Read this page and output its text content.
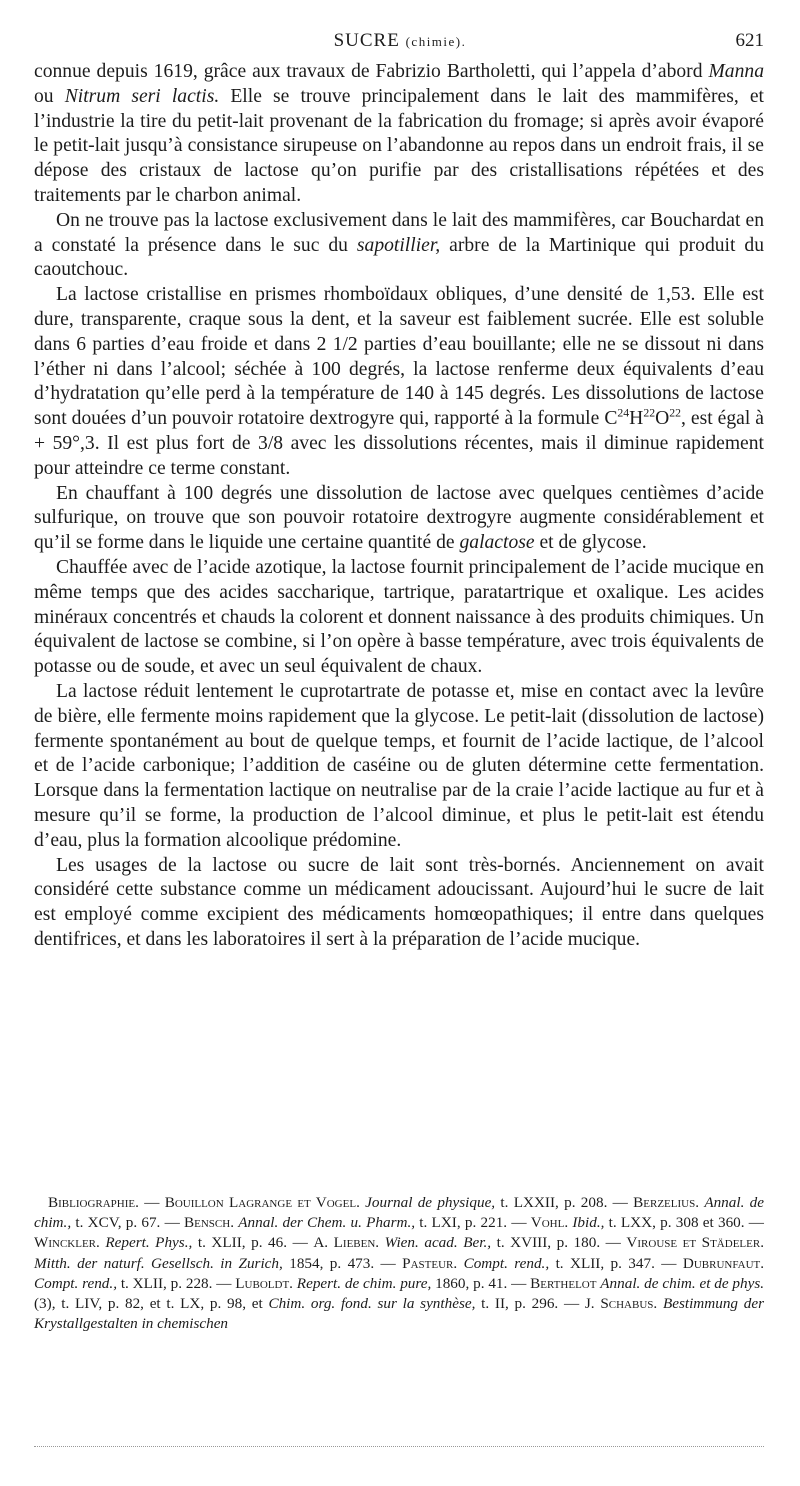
SUCRE (chimie).	621

connue depuis 1619, grâce aux travaux de Fabrizio Bartholetti, qui l’appela d’abord Manna ou Nitrum seri lactis. Elle se trouve principalement dans le lait des mammifères, et l’industrie la tire du petit-lait provenant de la fabrication du fromage; si après avoir évaporé le petit-lait jusqu’à consistance sirupeuse on l’abandonne au repos dans un endroit frais, il se dépose des cristaux de lactose qu’on purifie par des cristallisations répétées et des traitements par le charbon animal.

On ne trouve pas la lactose exclusivement dans le lait des mammifères, car Bouchardat en a constaté la présence dans le suc du sapotillier, arbre de la Martinique qui produit du caoutchouc.

La lactose cristallise en prismes rhomboïdaux obliques, d’une densité de 1,53. Elle est dure, transparente, craque sous la dent, et la saveur est faiblement sucrée. Elle est soluble dans 6 parties d’eau froide et dans 2 1/2 parties d’eau bouillante; elle ne se dissout ni dans l’éther ni dans l’alcool; séchée à 100 degrés, la lactose renferme deux équivalents d’eau d’hydratation qu’elle perd à la température de 140 à 145 degrés. Les dissolutions de lactose sont douées d’un pouvoir rotatoire dextrogyre qui, rapporté à la formule $C^{24}H^{22}O^{22}$, est égal à + 59°,3. Il est plus fort de 3/8 avec les dissolutions récentes, mais il diminue rapidement pour atteindre ce terme constant.

En chauffant à 100 degrés une dissolution de lactose avec quelques centièmes d’acide sulfurique, on trouve que son pouvoir rotatoire dextrogyre augmente considérablement et qu’il se forme dans le liquide une certaine quantité de galactose et de glycose.

Chauffée avec de l’acide azotique, la lactose fournit principalement de l’acide mucique en même temps que des acides saccharique, tartrique, paratartrique et oxalique. Les acides minéraux concentrés et chauds la colorent et donnent naissance à des produits chimiques. Un équivalent de lactose se combine, si l’on opère à basse température, avec trois équivalents de potasse ou de soude, et avec un seul équivalent de chaux.

La lactose réduit lentement le cuprotartrate de potasse et, mise en contact avec la levûre de bière, elle fermente moins rapidement que la glycose. Le petit-lait (dissolution de lactose) fermente spontanément au bout de quelque temps, et fournit de l’acide lactique, de l’alcool et de l’acide carbonique; l’addition de caséine ou de gluten détermine cette fermentation. Lorsque dans la fermentation lactique on neutralise par de la craie l’acide lactique au fur et à mesure qu’il se forme, la production de l’alcool diminue, et plus le petit-lait est étendu d’eau, plus la formation alcoolique prédomine.

Les usages de la lactose ou sucre de lait sont très-bornés. Anciennement on avait considéré cette substance comme un médicament adoucissant. Aujourd’hui le sucre de lait est employé comme excipient des médicaments homœopathiques; il entre dans quelques dentifrices, et dans les laboratoires il sert à la préparation de l’acide mucique.

Bibliographie. — Bouillon Lagrange et Vogel. Journal de physique, t. LXXII, p. 208. — Berzelius. Annal. de chim., t. XCV, p. 67. — Bensch. Annal. der Chem. u. Pharm., t. LXI, p. 221. — Vohl. Ibid., t. LXX, p. 308 et 360. — Winckler. Repert. Phys., t. XLII, p. 46. — A. Lieben. Wien. acad. Ber., t. XVIII, p. 180. — Virouse et Städeler. Mitth. der naturf. Gesellsch. in Zurich, 1854, p. 473. — Pasteur. Compt. rend., t. XLII, p. 347. — Dubrunfaut. Compt. rend., t. XLII, p. 228. — Luboldt. Repert. de chim. pure, 1860, p. 41. — Berthelot Annal. de chim. et de phys. (3), t. LIV, p. 82, et t. LX, p. 98, et Chim. org. fond. sur la synthèse, t. II, p. 296. — J. Schabus. Bestimmung der Krystallgestalten in chemischen
